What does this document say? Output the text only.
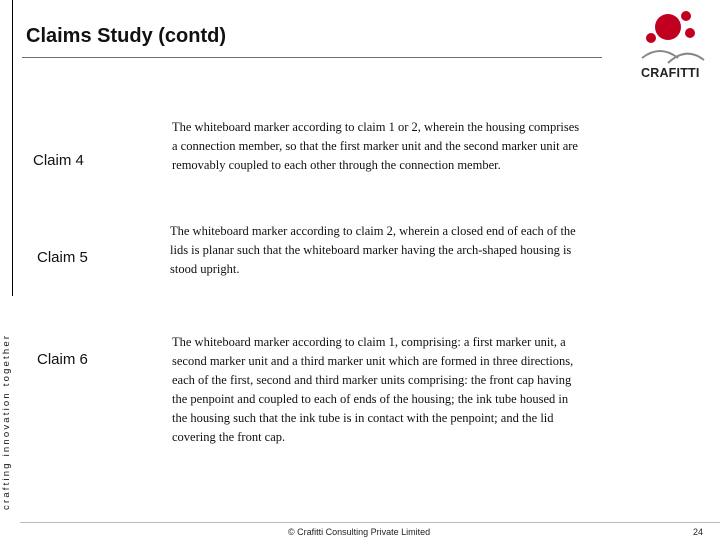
crafting innovation together
Claims Study (contd)
CRAFITTI
Claim 4
The whiteboard marker according to claim 1 or 2, wherein the housing comprises
a connection member, so that the first marker unit and the second marker unit are
removably coupled to each other through the connection member.
Claim 5
The whiteboard marker according to claim 2, wherein a closed end of each of the
lids is planar such that the whiteboard marker having the arch-shaped housing is
stood upright.
Claim 6
The whiteboard marker according to claim 1, comprising: a first marker unit, a
second marker unit and a third marker unit which are formed in three directions,
each of the first, second and third marker units comprising: the front cap having
the penpoint and coupled to each of ends of the housing; the ink tube housed in
the housing such that the ink tube is in contact with the penpoint; and the lid
covering the front cap.
© Crafitti Consulting Private Limited	24
